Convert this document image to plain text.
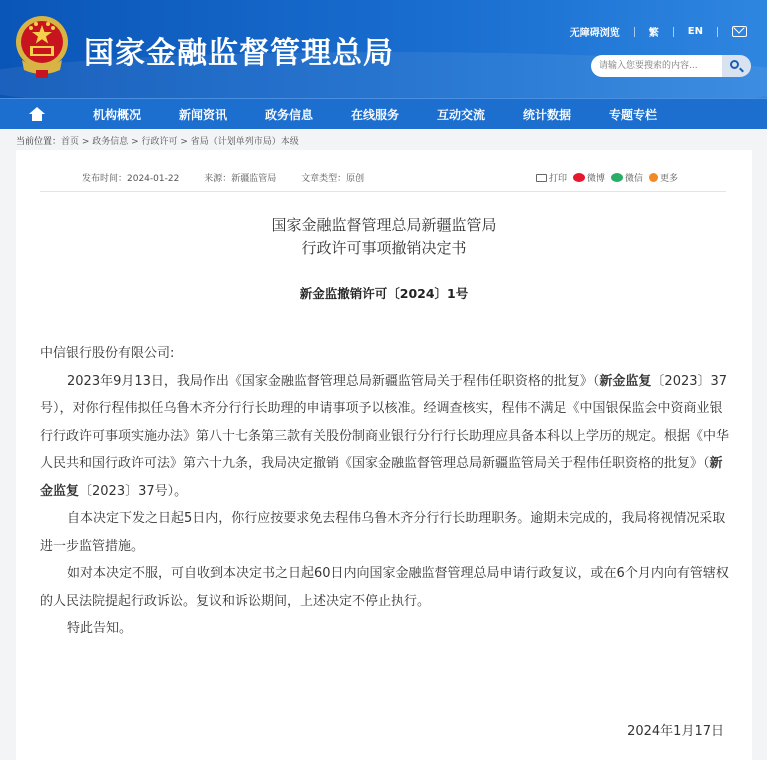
国家金融监督管理总局
无障碍浏览	繁	EN
请输入您要搜索的内容...
机构概况	新闻资讯	政务信息	在线服务	互动交流	统计数据	专题专栏
当前位置：首页 > 政务信息 > 行政许可 > 省局（计划单列市局）本级
发布时间：2024-01-22	来源：新疆监管局	文章类型：原创	打印 微博 微信 更多
国家金融监督管理总局新疆监管局
行政许可事项撤销决定书
新金监撤销许可〔2024〕1号

中信银行股份有限公司:

2023年9月13日，我局作出《国家金融监督管理总局新疆监管局关于程伟任职资格的批复》（新金监复〔2023〕37号），对你行程伟拟任乌鲁木齐分行行长助理的申请事项予以核准。经调查核实，程伟不满足《中国银保监会中资商业银行行政许可事项实施办法》第八十七条第三款有关股份制商业银行分行行长助理应具备本科以上学历的规定。根据《中华人民共和国行政许可法》第六十九条，我局决定撤销《国家金融监督管理总局新疆监管局关于程伟任职资格的批复》（新金监复〔2023〕37号）。

自本决定下发之日起5日内，你行应按要求免去程伟乌鲁木齐分行行长助理职务。逾期未完成的，我局将视情况采取进一步监管措施。

如对本决定不服，可自收到本决定书之日起60日内向国家金融监督管理总局申请行政复议，或在6个月内向有管辖权的人民法院提起行政诉讼。复议和诉讼期间，上述决定不停止执行。

特此告知。

2024年1月17日
